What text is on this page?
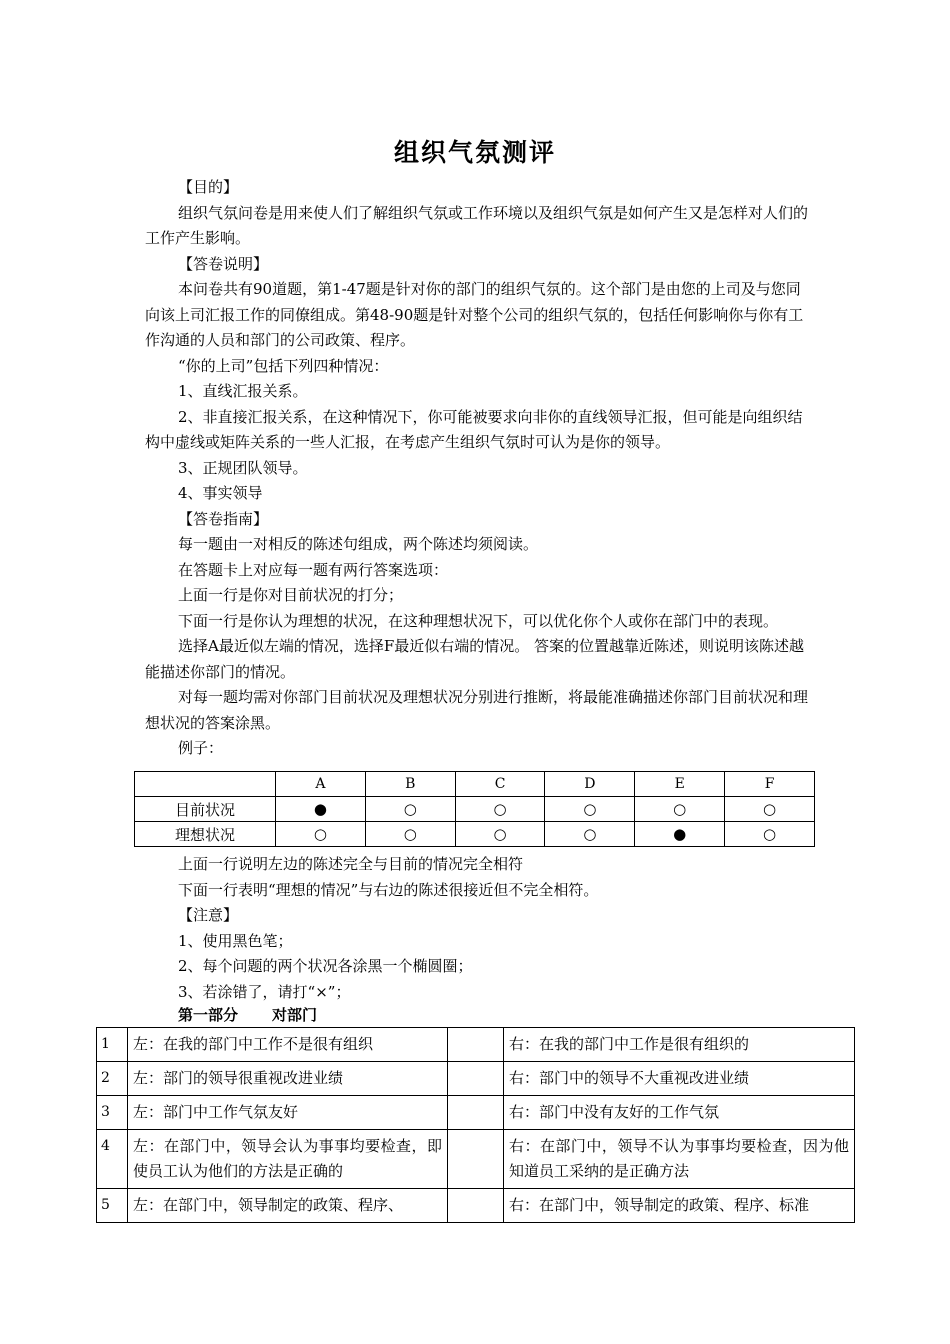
组织气氛测评

【目的】

组织气氛问卷是用来使人们了解组织气氛或工作环境以及组织气氛是如何产生又是怎样对人们的工作产生影响。

【答卷说明】

本问卷共有90道题，第1-47题是针对你的部门的组织气氛的。这个部门是由您的上司及与您同向该上司汇报工作的同僚组成。第48-90题是针对整个公司的组织气氛的，包括任何影响你与你有工作沟通的人员和部门的公司政策、程序。

“你的上司”包括下列四种情况：

1、直线汇报关系。

2、非直接汇报关系，在这种情况下，你可能被要求向非你的直线领导汇报，但可能是向组织结构中虚线或矩阵关系的一些人汇报，在考虑产生组织气氛时可认为是你的领导。

3、正规团队领导。

4、事实领导

【答卷指南】

每一题由一对相反的陈述句组成，两个陈述均须阅读。

在答题卡上对应每一题有两行答案选项：

上面一行是你对目前状况的打分；

下面一行是你认为理想的状况，在这种理想状况下，可以优化你个人或你在部门中的表现。

选择A最近似左端的情况，选择F最近似右端的情况。 答案的位置越靠近陈述，则说明该陈述越能描述你部门的情况。

对每一题均需对你部门目前状况及理想状况分别进行推断，将最能准确描述你部门目前状况和理想状况的答案涂黑。

例子：

	A	B	C	D	E	F
目前状况	●	○	○	○	○	○
理想状况	○	○	○	○	●	○

上面一行说明左边的陈述完全与目前的情况完全相符

下面一行表明“理想的情况”与右边的陈述很接近但不完全相符。

【注意】

1、使用黑色笔；

2、每个问题的两个状况各涂黑一个椭圆圈；

3、若涂错了，请打“×”；

第一部分 对部门
1	左：在我的部门中工作不是很有组织		右：在我的部门中工作是很有组织的
2	左：部门的领导很重视改进业绩		右：部门中的领导不大重视改进业绩
3	左：部门中工作气氛友好		右：部门中没有友好的工作气氛
4	左：在部门中，领导会认为事事均要检查，即使员工认为他们的方法是正确的		右：在部门中，领导不认为事事均要检查，因为他知道员工采纳的是正确方法
5	左：在部门中，领导制定的政策、程序、		右：在部门中，领导制定的政策、程序、标准
